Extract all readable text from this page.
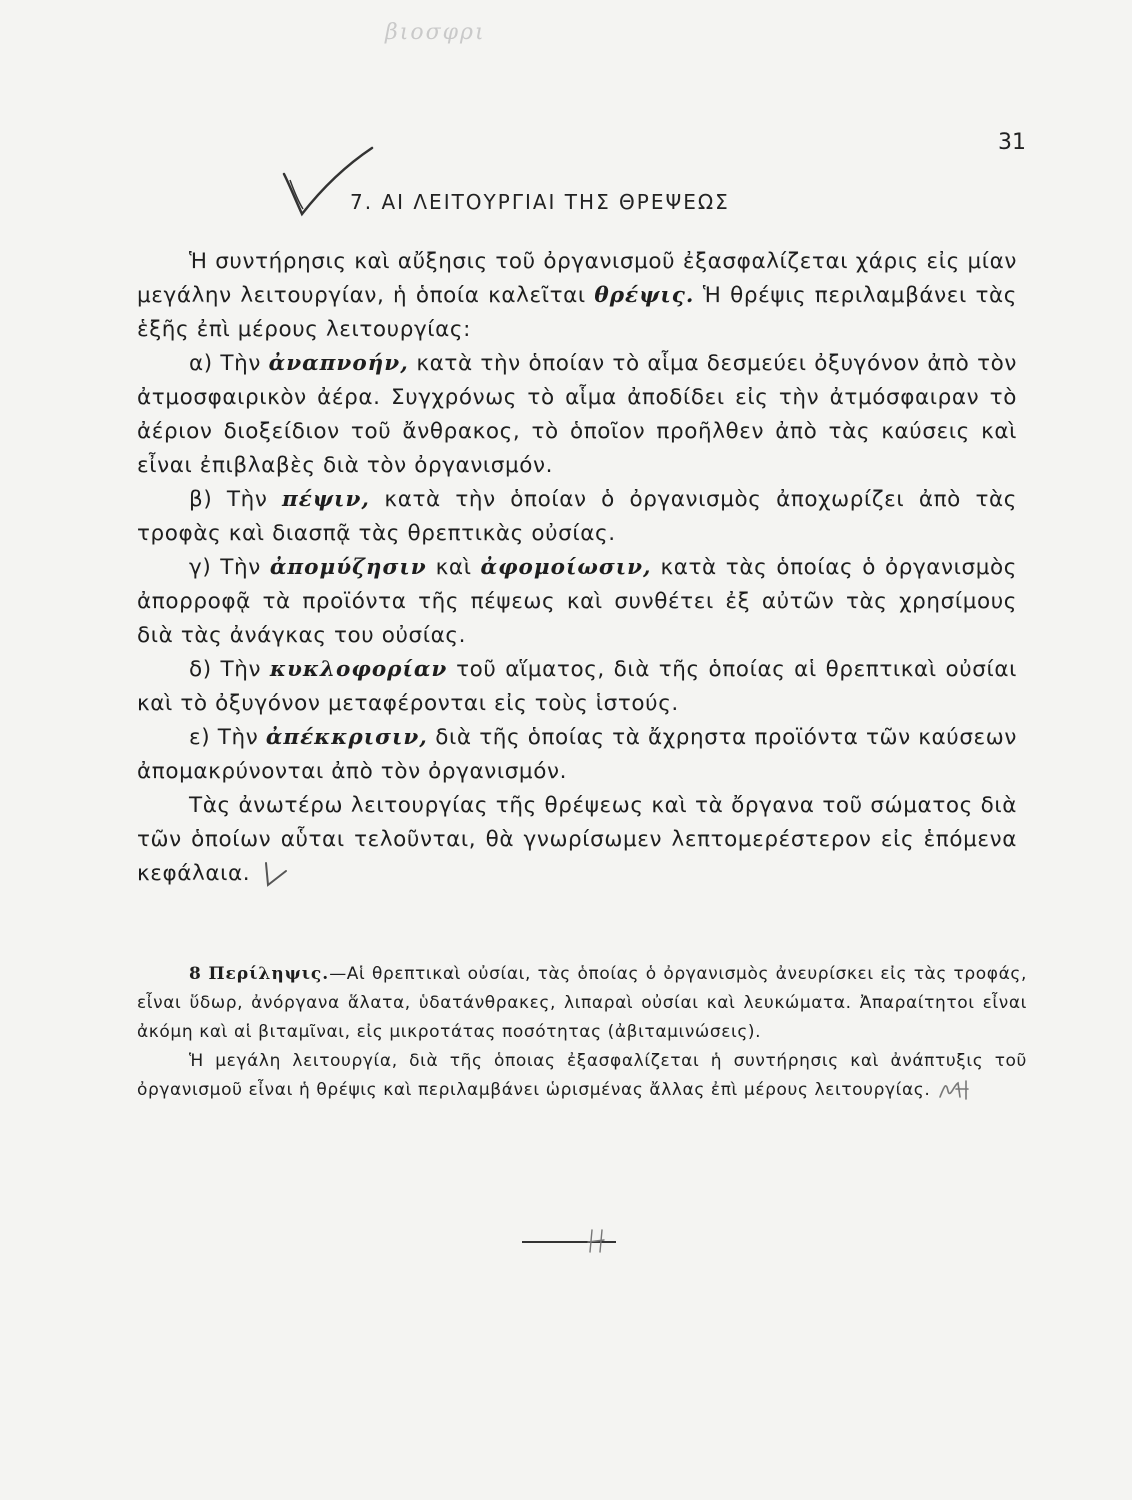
βιοσφρι
31
7. ΑΙ ΛΕΙΤΟΥΡΓΙΑΙ ΤΗΣ ΘΡΕΨΕΩΣ

Ἡ συντήρησις καὶ αὔξησις τοῦ ὀργανισμοῦ ἐξασφαλίζεται χάρις εἰς μίαν μεγάλην λειτουργίαν, ἡ ὁποία καλεῖται θρέψις. Ἡ θρέψις περιλαμβάνει τὰς ἑξῆς ἐπὶ μέρους λειτουργίας:

α) Τὴν ἀναπνοήν, κατὰ τὴν ὁποίαν τὸ αἷμα δεσμεύει ὀξυγόνον ἀπὸ τὸν ἀτμοσφαιρικὸν ἀέρα. Συγχρόνως τὸ αἷμα ἀποδίδει εἰς τὴν ἀτμόσφαιραν τὸ ἀέριον διοξείδιον τοῦ ἄνθρακος, τὸ ὁποῖον προῆλθεν ἀπὸ τὰς καύσεις καὶ εἶναι ἐπιβλαβὲς διὰ τὸν ὀργανισμόν.

β) Τὴν πέψιν, κατὰ τὴν ὁποίαν ὁ ὀργανισμὸς ἀποχωρίζει ἀπὸ τὰς τροφὰς καὶ διασπᾷ τὰς θρεπτικὰς οὐσίας.

γ) Τὴν ἀπομύζησιν καὶ ἀφομοίωσιν, κατὰ τὰς ὁποίας ὁ ὀργανισμὸς ἀπορροφᾷ τὰ προϊόντα τῆς πέψεως καὶ συνθέτει ἐξ αὐτῶν τὰς χρησίμους διὰ τὰς ἀνάγκας του οὐσίας.

δ) Τὴν κυκλοφορίαν τοῦ αἵματος, διὰ τῆς ὁποίας αἱ θρεπτικαὶ οὐσίαι καὶ τὸ ὀξυγόνον μεταφέρονται εἰς τοὺς ἱστούς.

ε) Τὴν ἀπέκκρισιν, διὰ τῆς ὁποίας τὰ ἄχρηστα προϊόντα τῶν καύσεων ἀπομακρύνονται ἀπὸ τὸν ὀργανισμόν.

Τὰς ἀνωτέρω λειτουργίας τῆς θρέψεως καὶ τὰ ὄργανα τοῦ σώματος διὰ τῶν ὁποίων αὗται τελοῦνται, θὰ γνωρίσωμεν λεπτομερέστερον εἰς ἑπόμενα κεφάλαια.

8 Περίληψις.—Αἱ θρεπτικαὶ οὐσίαι, τὰς ὁποίας ὁ ὀργανισμὸς ἀνευρίσκει εἰς τὰς τροφάς, εἶναι ὕδωρ, ἀνόργανα ἅλατα, ὑδατάνθρακες, λιπαραὶ οὐσίαι καὶ λευκώματα. Ἀπαραίτητοι εἶναι ἀκόμη καὶ αἱ βιταμῖναι, εἰς μικροτάτας ποσότητας (ἀβιταμινώσεις).

Ἡ μεγάλη λειτουργία, διὰ τῆς ὁποιας ἐξασφαλίζεται ἡ συντήρησις καὶ ἀνάπτυξις τοῦ ὀργανισμοῦ εἶναι ἡ θρέψις καὶ περιλαμβάνει ὡρισμένας ἄλλας ἐπὶ μέρους λειτουργίας.
